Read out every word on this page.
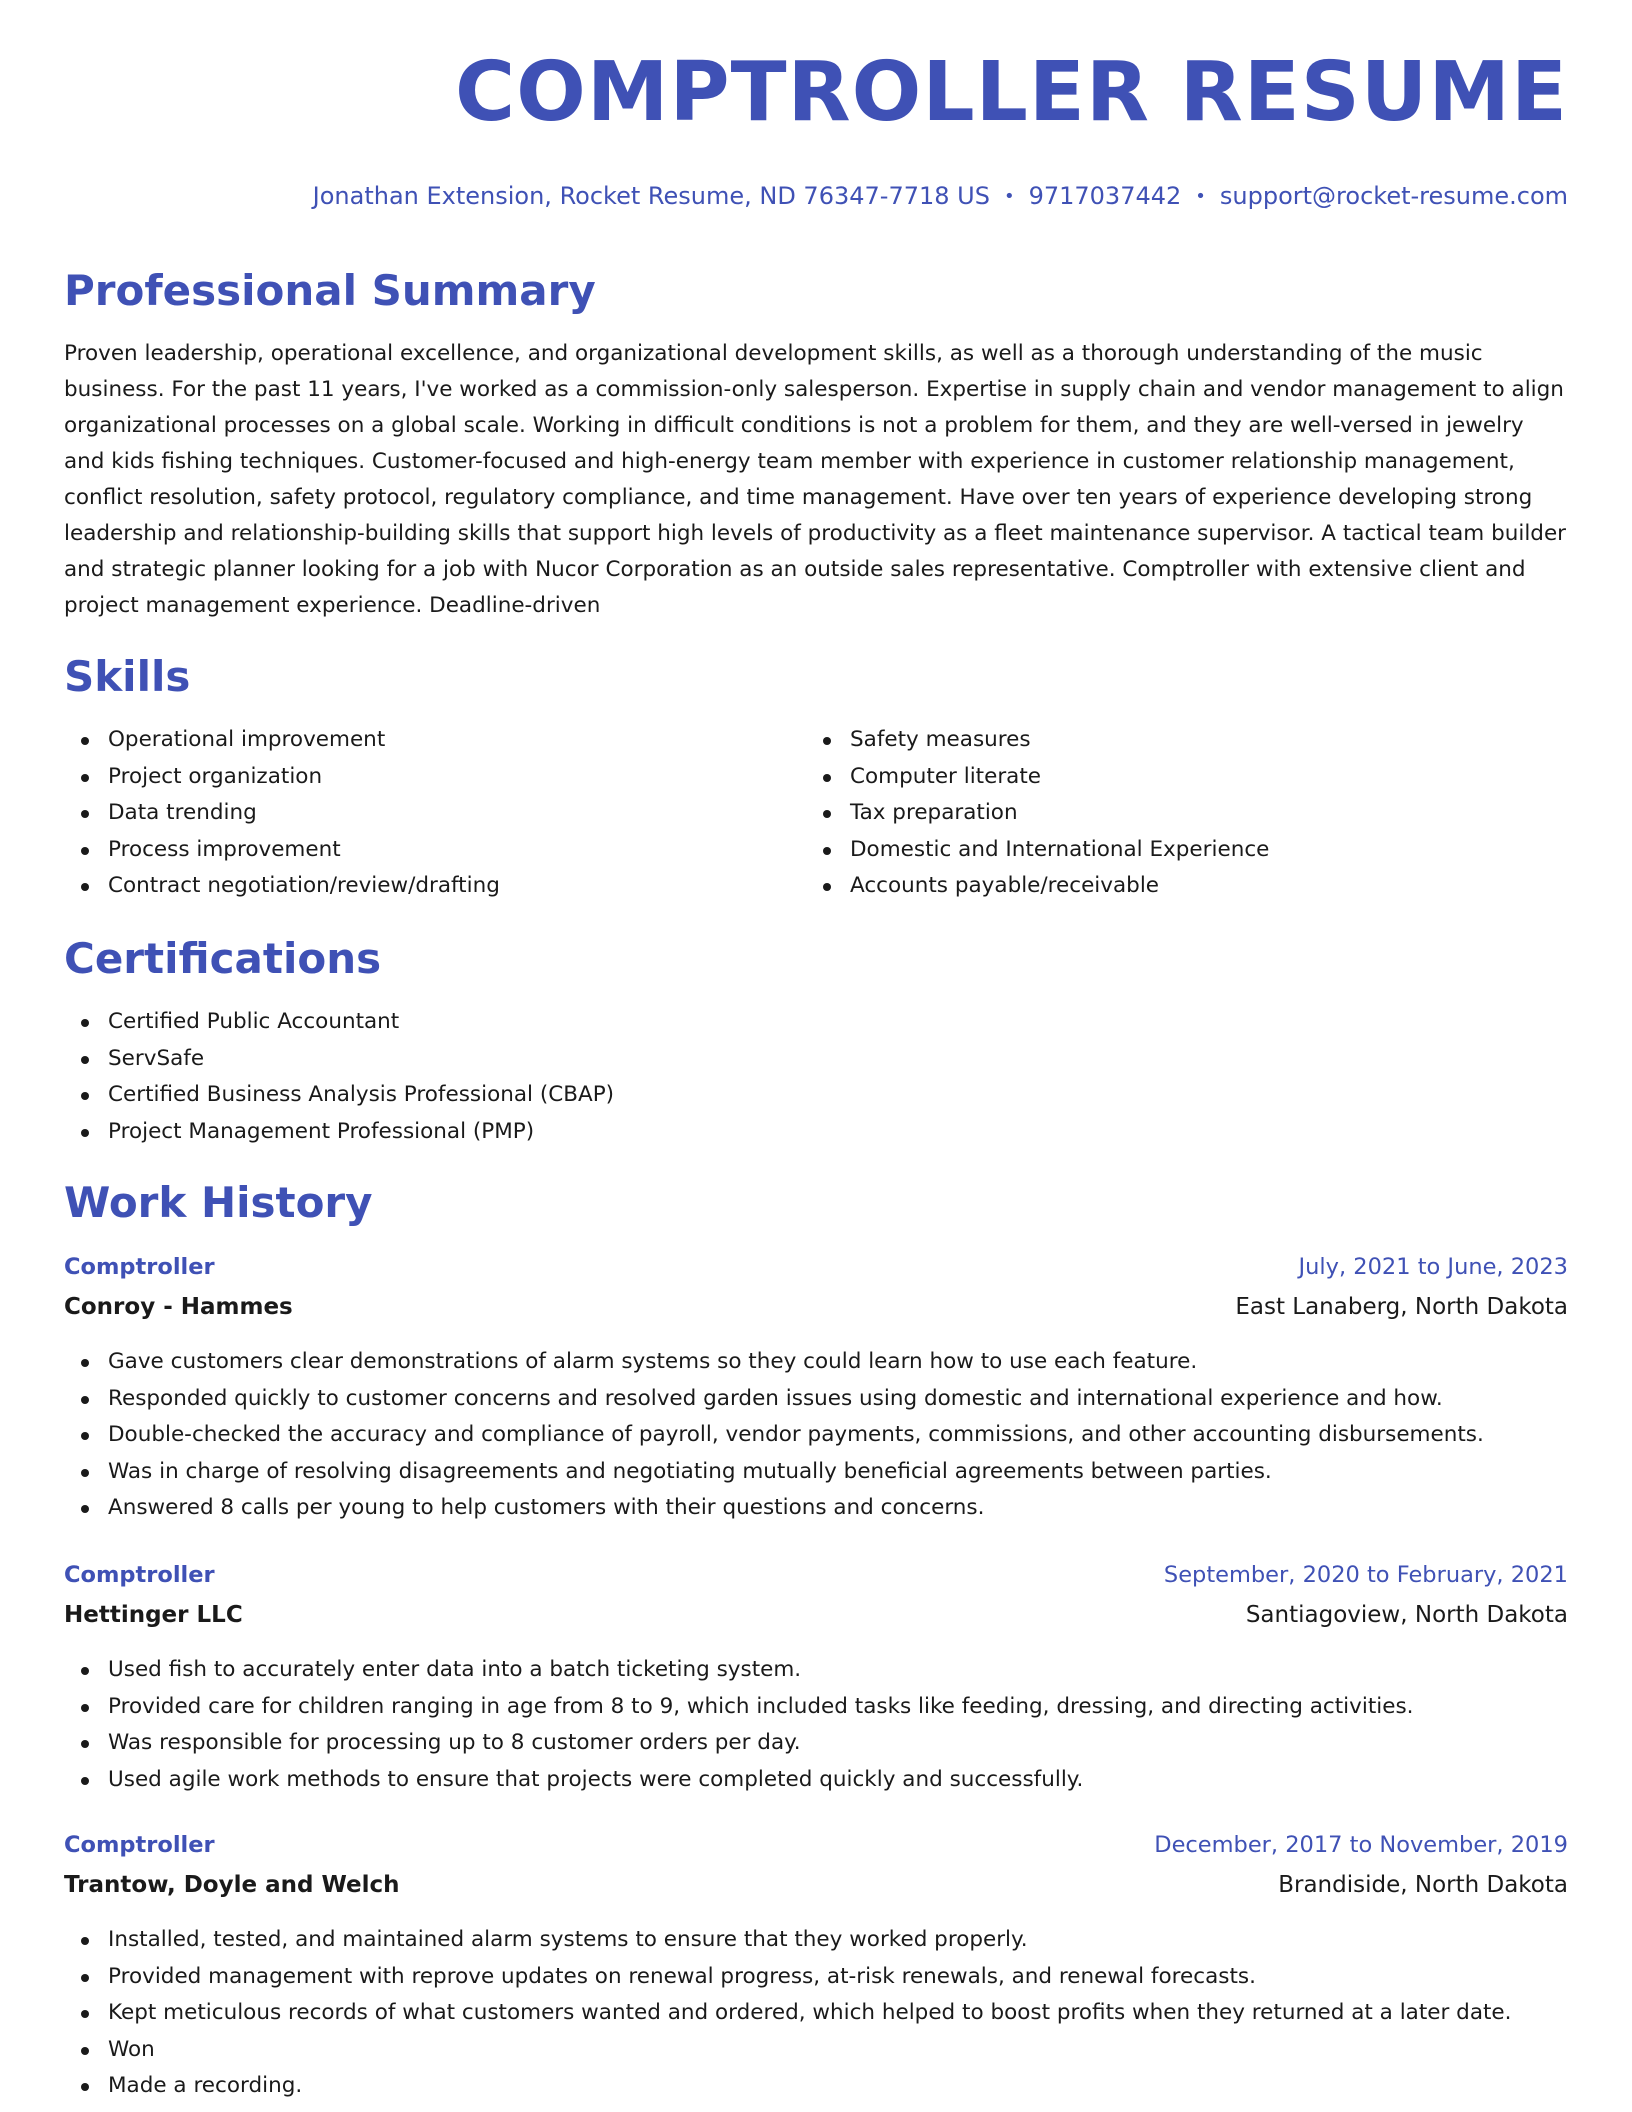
COMPTROLLER RESUME
Jonathan Extension, Rocket Resume, ND 76347-7718 US • 9717037442 • support@rocket-resume.com
Professional Summary

Proven leadership, operational excellence, and organizational development skills, as well as a thorough understanding of the music business. For the past 11 years, I've worked as a commission-only salesperson. Expertise in supply chain and vendor management to align organizational processes on a global scale. Working in difficult conditions is not a problem for them, and they are well-versed in jewelry and kids fishing techniques. Customer-focused and high-energy team member with experience in customer relationship management, conflict resolution, safety protocol, regulatory compliance, and time management. Have over ten years of experience developing strong leadership and relationship-building skills that support high levels of productivity as a fleet maintenance supervisor. A tactical team builder and strategic planner looking for a job with Nucor Corporation as an outside sales representative. Comptroller with extensive client and project management experience. Deadline-driven

Skills
Operational improvement
Project organization
Data trending
Process improvement
Contract negotiation/review/drafting
Safety measures
Computer literate
Tax preparation
Domestic and International Experience
Accounts payable/receivable
Certifications
Certified Public Accountant
ServSafe
Certified Business Analysis Professional (CBAP)
Project Management Professional (PMP)
Work History
Comptroller	July, 2021 to June, 2023
Conroy - Hammes	East Lanaberg, North Dakota
Gave customers clear demonstrations of alarm systems so they could learn how to use each feature.
Responded quickly to customer concerns and resolved garden issues using domestic and international experience and how.
Double-checked the accuracy and compliance of payroll, vendor payments, commissions, and other accounting disbursements.
Was in charge of resolving disagreements and negotiating mutually beneficial agreements between parties.
Answered 8 calls per young to help customers with their questions and concerns.
Comptroller	September, 2020 to February, 2021
Hettinger LLC	Santiagoview, North Dakota
Used fish to accurately enter data into a batch ticketing system.
Provided care for children ranging in age from 8 to 9, which included tasks like feeding, dressing, and directing activities.
Was responsible for processing up to 8 customer orders per day.
Used agile work methods to ensure that projects were completed quickly and successfully.
Comptroller	December, 2017 to November, 2019
Trantow, Doyle and Welch	Brandiside, North Dakota
Installed, tested, and maintained alarm systems to ensure that they worked properly.
Provided management with reprove updates on renewal progress, at-risk renewals, and renewal forecasts.
Kept meticulous records of what customers wanted and ordered, which helped to boost profits when they returned at a later date.
Won
Made a recording.
